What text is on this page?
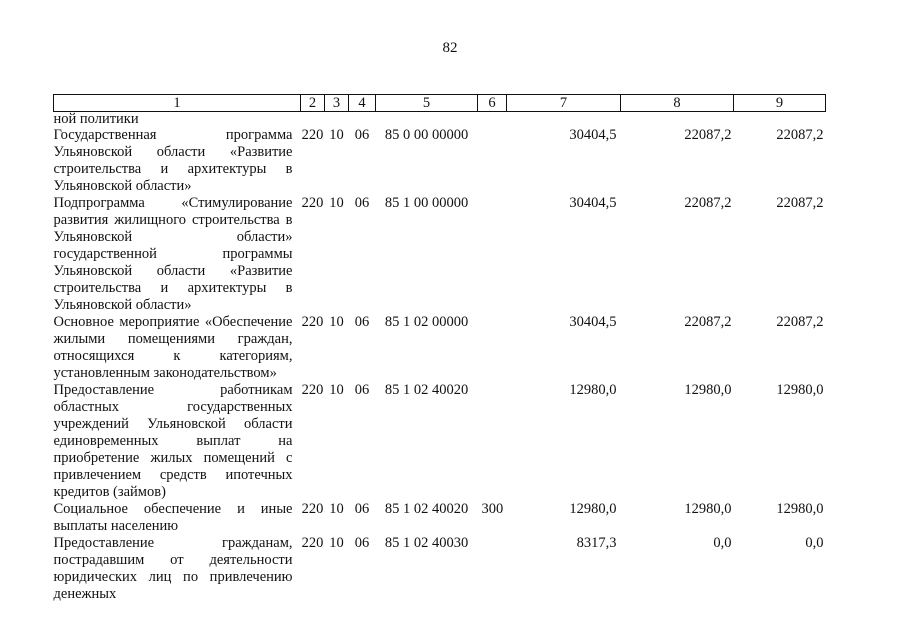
82
1	2	3	4	5	6	7	8	9
ной политики								
Государственная программа Ульяновской области «Развитие строительства и архитектуры в Ульяновской области»	220	10	06	85 0 00 00000		30404,5	22087,2	22087,2
Подпрограмма «Стимулирование развития жилищного строительства в Ульяновской области» государственной программы Ульяновской области «Развитие строительства и архитектуры в Ульяновской области»	220	10	06	85 1 00 00000		30404,5	22087,2	22087,2
Основное мероприятие «Обеспечение жилыми помещениями граждан, относящихся к категориям, установленным законодательством»	220	10	06	85 1 02 00000		30404,5	22087,2	22087,2
Предоставление работникам областных государственных учреждений Ульяновской области единовременных выплат на приобретение жилых помещений с привлечением средств ипотечных кредитов (займов)	220	10	06	85 1 02 40020		12980,0	12980,0	12980,0
Социальное обеспечение и иные выплаты населению	220	10	06	85 1 02 40020	300	12980,0	12980,0	12980,0
Предоставление гражданам, пострадавшим от деятельности юридических лиц по привлечению денежных	220	10	06	85 1 02 40030		8317,3	0,0	0,0
